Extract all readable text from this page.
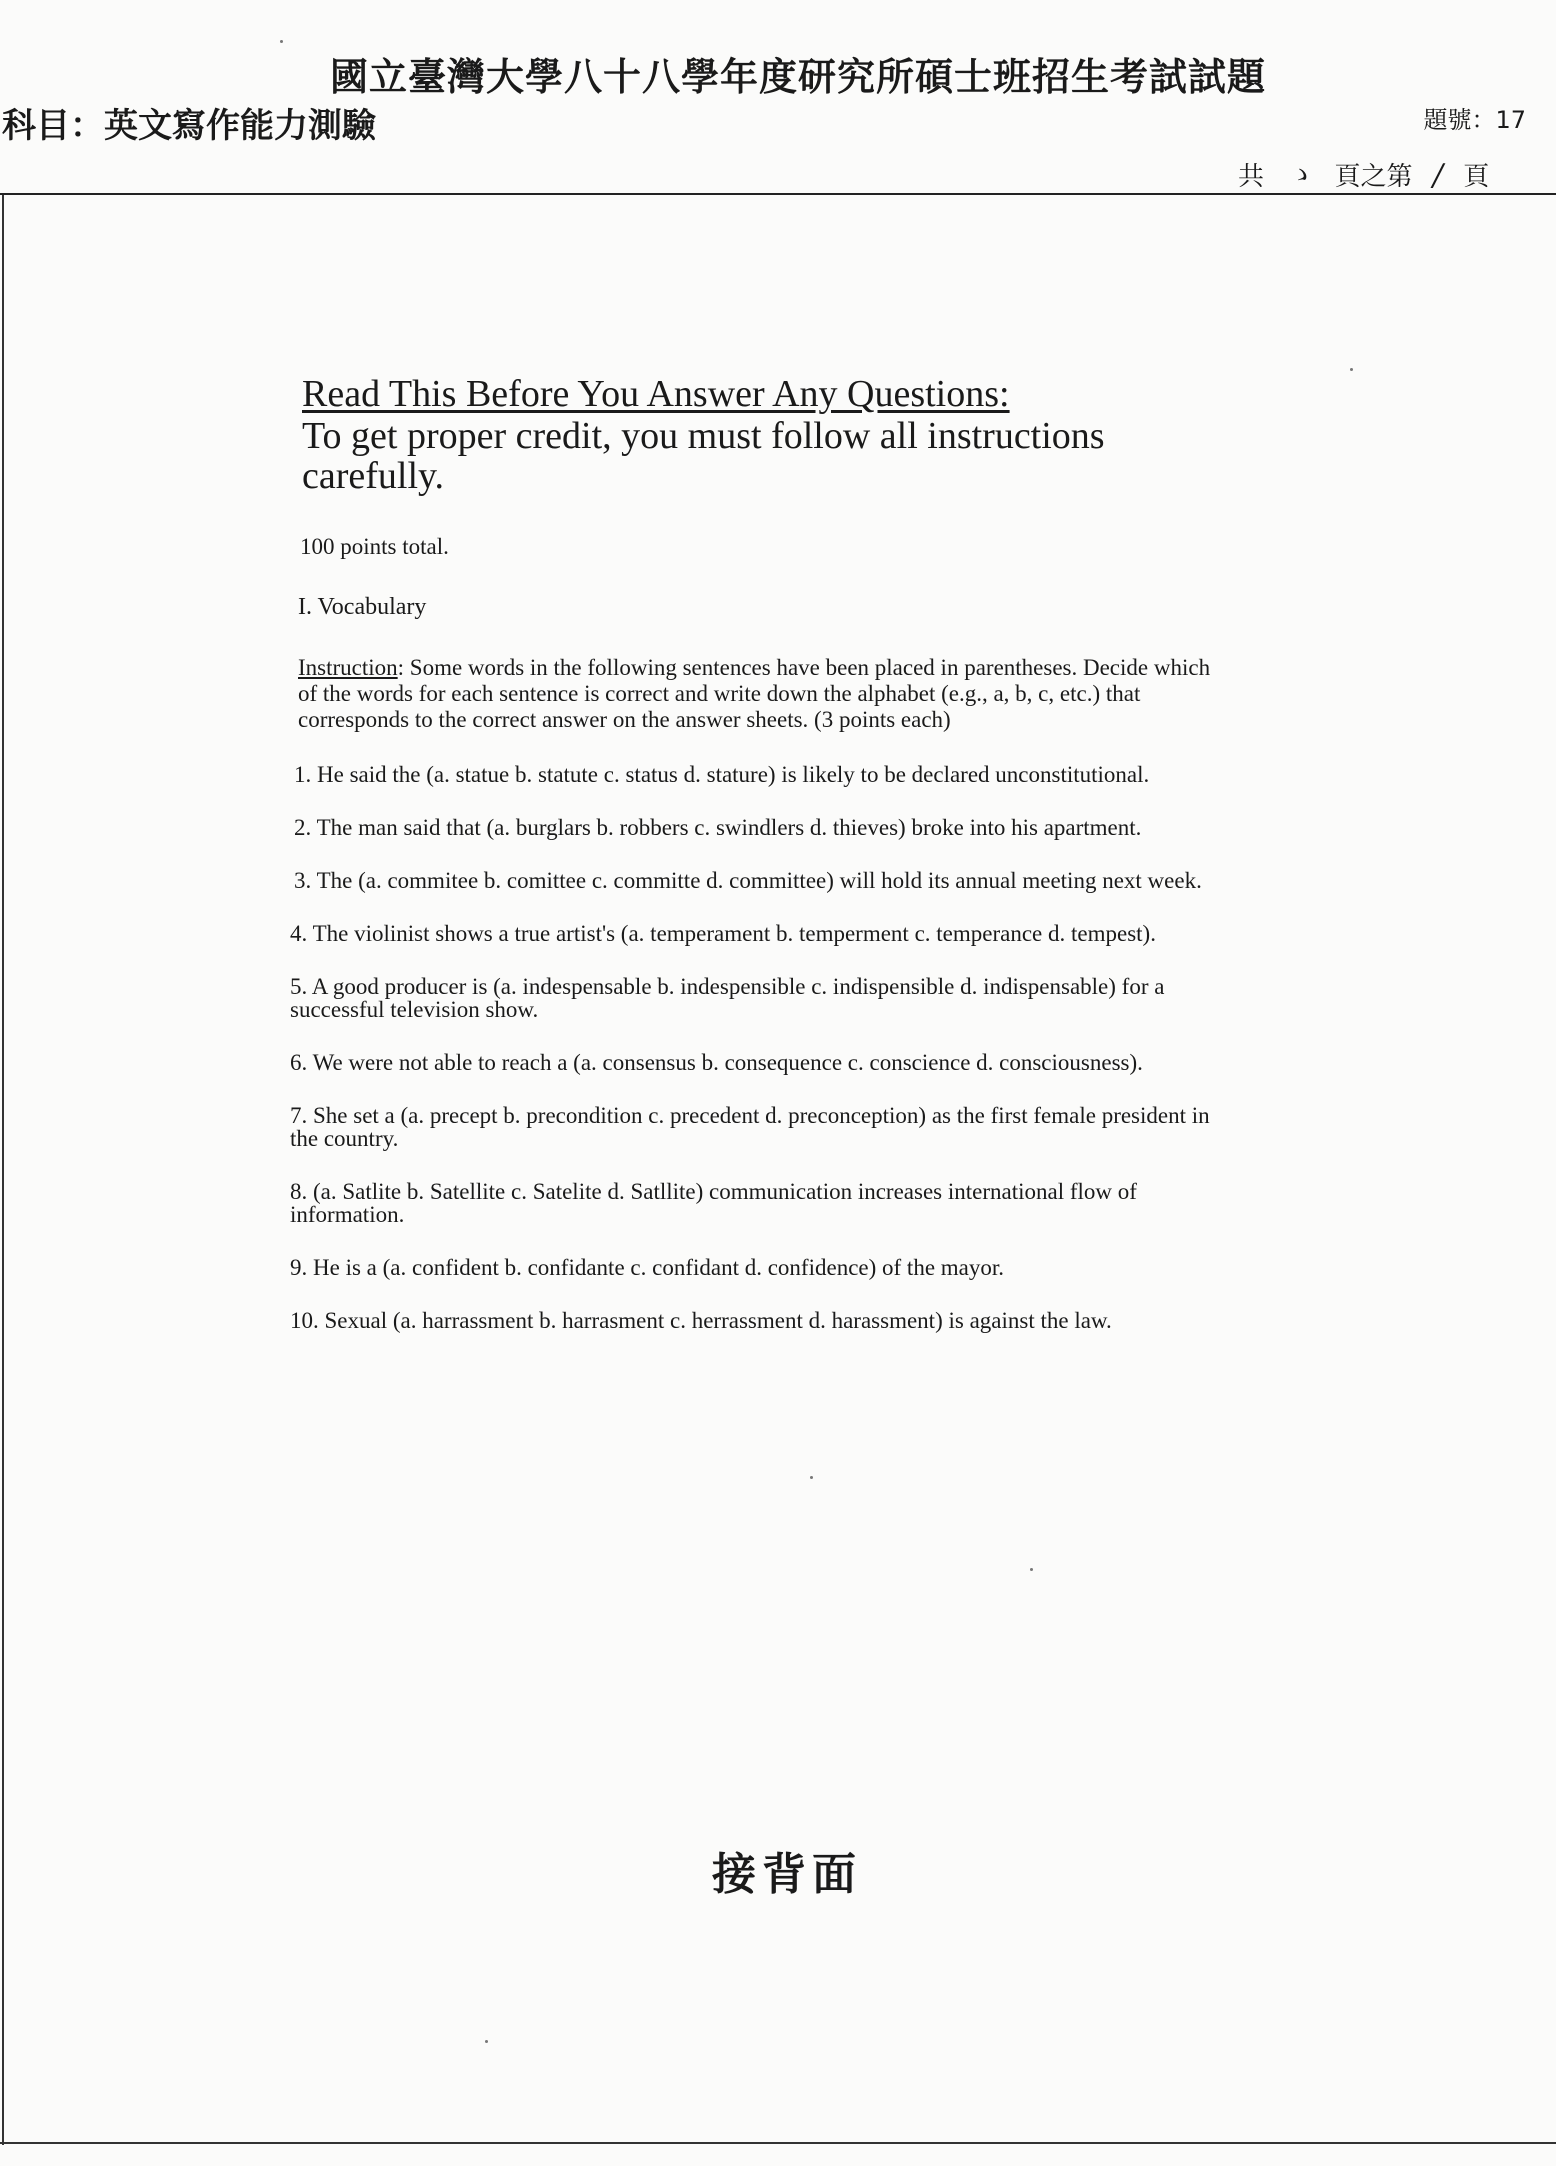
國立臺灣大學八十八學年度研究所碩士班招生考試試題
科目：英文寫作能力測驗	題號：17
共 ゝ 頁之第 / 頁
Read This Before You Answer Any Questions:
To get proper credit, you must follow all instructions
carefully.
100 points total.
I. Vocabulary
Instruction: Some words in the following sentences have been placed in parentheses. Decide which of the words for each sentence is correct and write down the alphabet (e.g., a, b, c, etc.) that corresponds to the correct answer on the answer sheets. (3 points each)
1. He said the (a. statue b. statute c. status d. stature) is likely to be declared unconstitutional.
2. The man said that (a. burglars b. robbers c. swindlers d. thieves) broke into his apartment.
3. The (a. commitee b. comittee c. committe d. committee) will hold its annual meeting next week.
4. The violinist shows a true artist's (a. temperament b. temperment c. temperance d. tempest).
5. A good producer is (a. indespensable b. indespensible c. indispensible d. indispensable) for a successful television show.
6. We were not able to reach a (a. consensus b. consequence c. conscience d. consciousness).
7. She set a (a. precept b. precondition c. precedent d. preconception) as the first female president in the country.
8. (a. Satlite b. Satellite c. Satelite d. Satllite) communication increases international flow of information.
9. He is a (a. confident b. confidante c. confidant d. confidence) of the mayor.
10. Sexual (a. harrassment b. harrasment c. herrassment d. harassment) is against the law.
接背面
